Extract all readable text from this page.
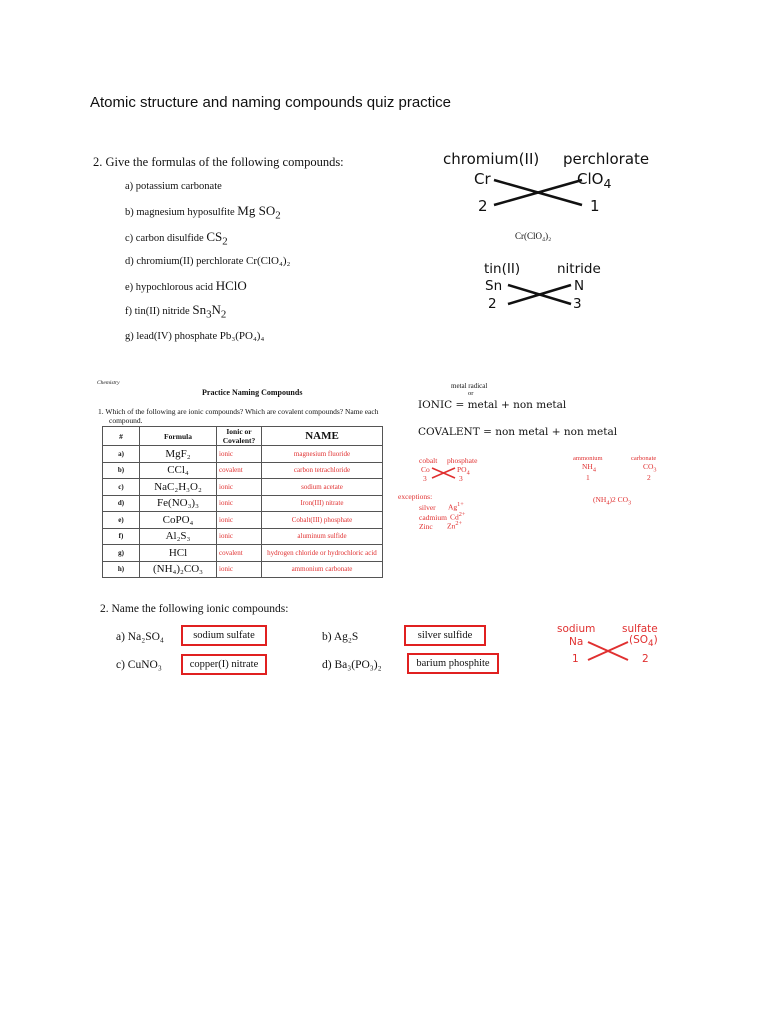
Atomic structure and naming compounds quiz practice
2. Give the formulas of the following compounds:
a) potassium carbonate
b) magnesium hyposulfite Mg $SO_2$
c) carbon disulfide $CS_2$
d) chromium(II) perchlorate Cr(ClO₄)₂
e) hypochlorous acid HClO
f) tin(II) nitride $Sn_3N_2$
g) lead(IV) phosphate Pb₃(PO₄)₄
chromium(II) perchlorate
Cr	ClO$_4$
2	1
Cr(ClO₄)₂
tin(II)	nitride
Sn	N
2	3
Chemistry
Practice Naming Compounds
1. Which of the following are ionic compounds? Which are covalent compounds? Name each
compound.
#	Formula	Ionic or Covalent?	NAME
a)	MgF₂	ionic	magnesium fluoride
b)	CCl₄	covalent	carbon tetrachloride
c)	NaC₂H₃O₂	ionic	sodium acetate
d)	Fe(NO₃)₃	ionic	Iron(III) nitrate
e)	CoPO₄	ionic	Cobalt(III) phosphate
f)	Al₂S₃	ionic	aluminum sulfide
g)	HCl	covalent	hydrogen chloride or hydrochloric acid
h)	(NH₄)₂CO₃	ionic	ammonium carbonate
metal radical
or
IONIC = metal + non metal
COVALENT = non metal + non metal
cobalt phosphate
Co	$PO_4$
3	3
ammonium	carbonate
$NH_4$	$CO_3$
1	2
$(NH_4)2$ $CO_3$
exceptions:
silver $Ag^{1+}$
cadmium $Cd^{2+}$
Zinc $Zn^{2+}$
2. Name the following ionic compounds:
a) Na₂SO₄	sodium sulfate	b) Ag₂S	silver sulfide
c) CuNO₃	copper(I) nitrate	d) Ba₃(PO₃)₂	barium phosphite
sodium	sulfate
Na	$(SO_4)$
1	2
